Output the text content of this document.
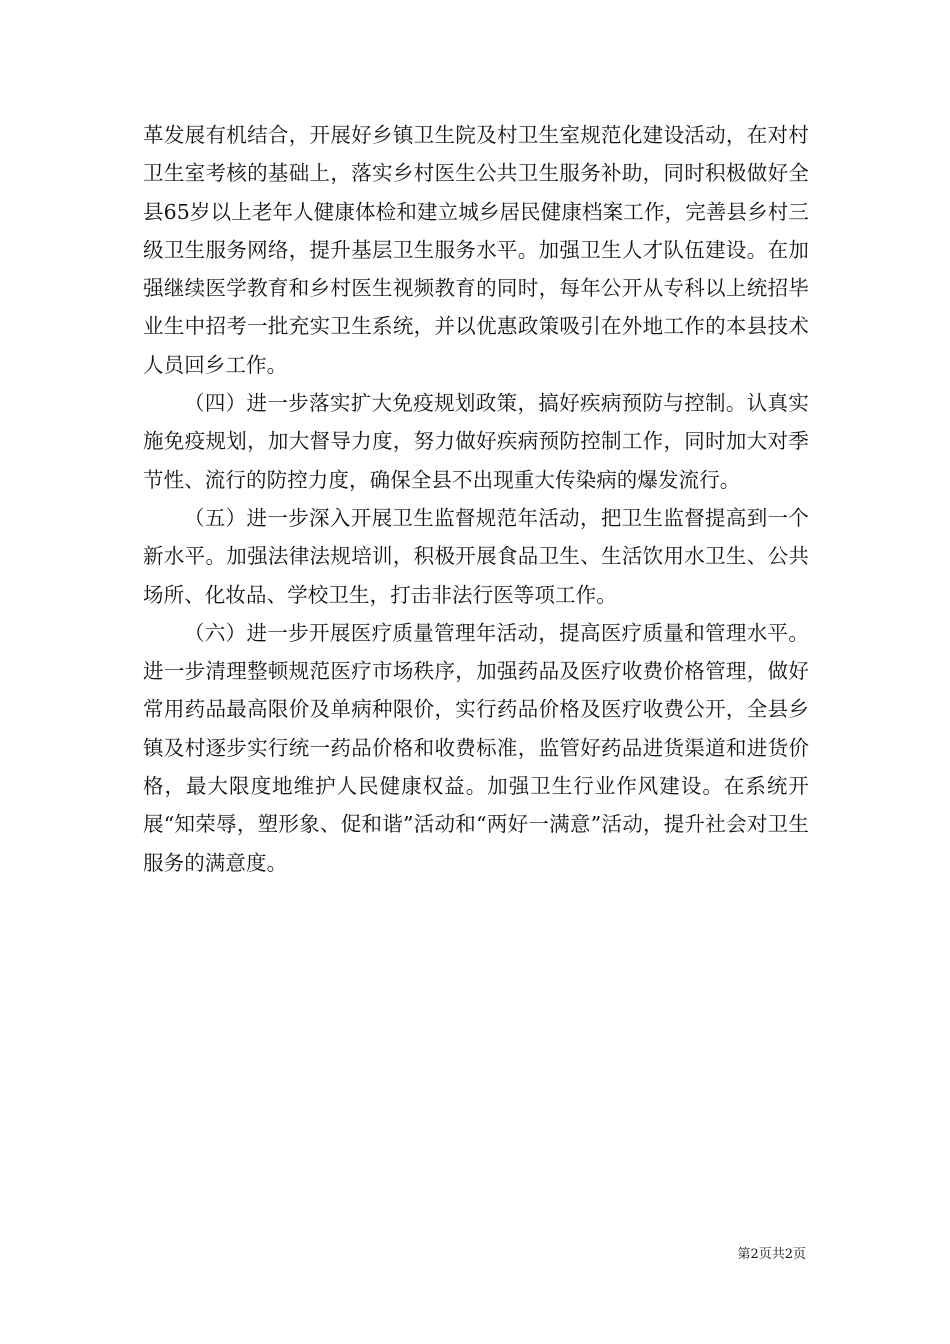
革发展有机结合，开展好乡镇卫生院及村卫生室规范化建设活动，在对村卫生室考核的基础上，落实乡村医生公共卫生服务补助，同时积极做好全县65岁以上老年人健康体检和建立城乡居民健康档案工作，完善县乡村三级卫生服务网络，提升基层卫生服务水平。加强卫生人才队伍建设。在加强继续医学教育和乡村医生视频教育的同时，每年公开从专科以上统招毕业生中招考一批充实卫生系统，并以优惠政策吸引在外地工作的本县技术人员回乡工作。

（四）进一步落实扩大免疫规划政策，搞好疾病预防与控制。认真实施免疫规划，加大督导力度，努力做好疾病预防控制工作，同时加大对季节性、流行的防控力度，确保全县不出现重大传染病的爆发流行。

（五）进一步深入开展卫生监督规范年活动，把卫生监督提高到一个新水平。加强法律法规培训，积极开展食品卫生、生活饮用水卫生、公共场所、化妆品、学校卫生，打击非法行医等项工作。

（六）进一步开展医疗质量管理年活动，提高医疗质量和管理水平。进一步清理整顿规范医疗市场秩序，加强药品及医疗收费价格管理，做好常用药品最高限价及单病种限价，实行药品价格及医疗收费公开，全县乡镇及村逐步实行统一药品价格和收费标准，监管好药品进货渠道和进货价格，最大限度地维护人民健康权益。加强卫生行业作风建设。在系统开展“知荣辱，塑形象、促和谐”活动和“两好一满意”活动，提升社会对卫生服务的满意度。

第2页共2页
